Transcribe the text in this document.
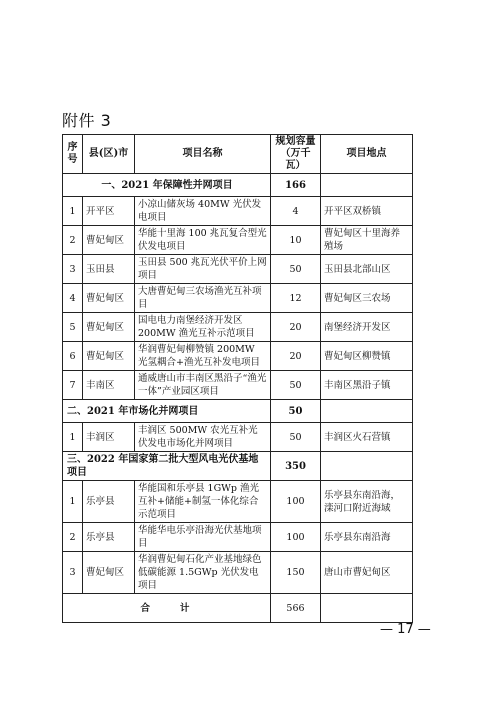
附件 3
序号	县(区)市	项目名称	规划容量（万千瓦）	项目地点
一、2021 年保障性并网项目			166	
1	开平区	小凉山储灰场 40MW 光伏发电项目	4	开平区双桥镇
2	曹妃甸区	华能十里海 100 兆瓦复合型光伏发电项目	10	曹妃甸区十里海养殖场
3	玉田县	玉田县 500 兆瓦光伏平价上网项目	50	玉田县北部山区
4	曹妃甸区	大唐曹妃甸三农场渔光互补项目	12	曹妃甸区三农场
5	曹妃甸区	国电电力南堡经济开发区 200MW 渔光互补示范项目	20	南堡经济开发区
6	曹妃甸区	华润曹妃甸柳赞镇 200MW 光氢耦合+渔光互补发电项目	20	曹妃甸区柳赞镇
7	丰南区	通威唐山市丰南区黑沿子“渔光一体”产业园区项目	50	丰南区黑沿子镇
二、2021 年市场化并网项目			50	
1	丰润区	丰润区 500MW 农光互补光伏发电市场化并网项目	50	丰润区火石营镇
三、2022 年国家第二批大型风电光伏基地项目			350	
1	乐亭县	华能国和乐亭县 1GWp 渔光互补+储能+制氢一体化综合示范项目	100	乐亭县东南沿海，滦河口附近海域
2	乐亭县	华能华电乐亭沿海光伏基地项目	100	乐亭县东南沿海
3	曹妃甸区	华润曹妃甸石化产业基地绿色低碳能源 1.5GWp 光伏发电项目	150	唐山市曹妃甸区
合计			566	
— 17 —
